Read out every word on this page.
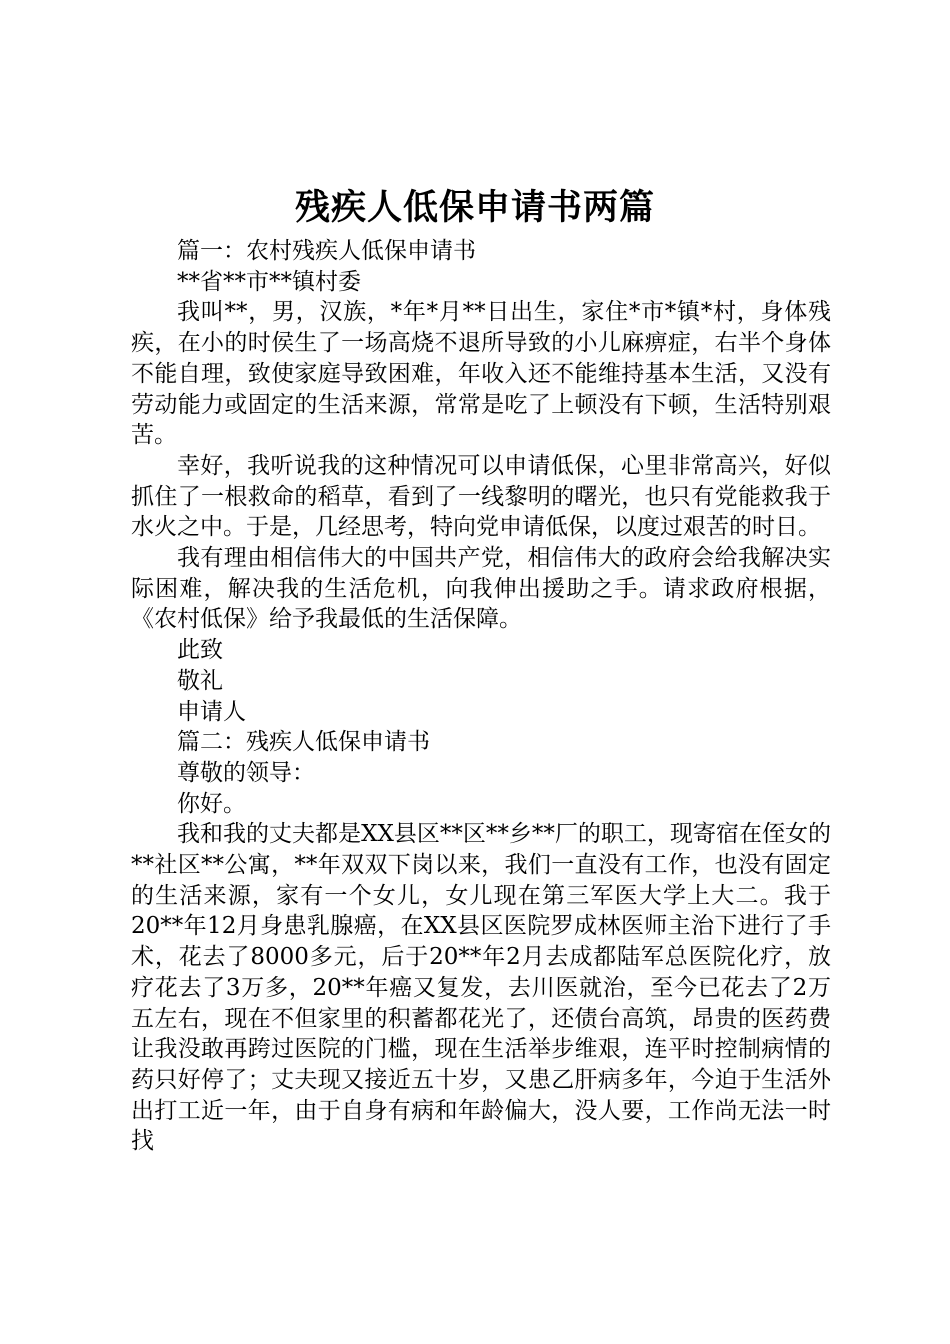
残疾人低保申请书两篇

篇一：农村残疾人低保申请书

**省**市**镇村委

我叫**，男，汉族，*年*月**日出生，家住*市*镇*村，身体残疾，在小的时侯生了一场高烧不退所导致的小儿麻痹症，右半个身体不能自理，致使家庭导致困难，年收入还不能维持基本生活，又没有劳动能力或固定的生活来源，常常是吃了上顿没有下顿，生活特别艰苦。

幸好，我听说我的这种情况可以申请低保，心里非常高兴，好似抓住了一根救命的稻草，看到了一线黎明的曙光，也只有党能救我于水火之中。于是，几经思考，特向党申请低保，以度过艰苦的时日。

我有理由相信伟大的中国共产党，相信伟大的政府会给我解决实际困难，解决我的生活危机，向我伸出援助之手。请求政府根据，《农村低保》给予我最低的生活保障。

此致

敬礼

申请人

篇二：残疾人低保申请书

尊敬的领导：

你好。

我和我的丈夫都是XX县区**区**乡**厂的职工，现寄宿在侄女的**社区**公寓，**年双双下岗以来，我们一直没有工作，也没有固定的生活来源，家有一个女儿，女儿现在第三军医大学上大二。我于20**年12月身患乳腺癌，在XX县区医院罗成林医师主治下进行了手术，花去了8000多元，后于20**年2月去成都陆军总医院化疗，放疗花去了3万多，20**年癌又复发，去川医就治，至今已花去了2万五左右，现在不但家里的积蓄都花光了，还债台高筑，昂贵的医药费让我没敢再跨过医院的门槛，现在生活举步维艰，连平时控制病情的药只好停了；丈夫现又接近五十岁，又患乙肝病多年，今迫于生活外出打工近一年，由于自身有病和年龄偏大，没人要，工作尚无法一时找
